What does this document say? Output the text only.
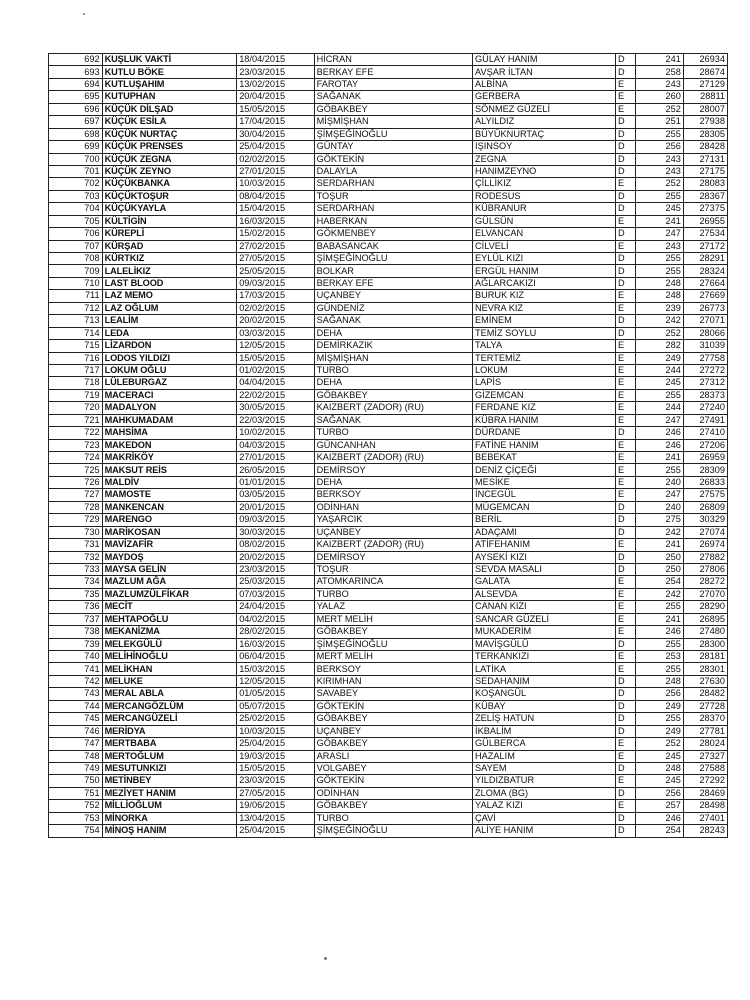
692	KUŞLUK VAKTİ	18/04/2015	HİCRAN	GÜLAY HANIM	D	241	26934
693	KUTLU BÖKE	23/03/2015	BERKAY EFE	AVŞAR İLTAN	D	258	28674
694	KUTLUŞAHIM	13/02/2015	FAROTAY	ALBİNA	E	243	27129
695	KUTUPHAN	20/04/2015	SAĞANAK	GERBERA	E	260	28811
696	KÜÇÜK DİLŞAD	15/05/2015	GÖBAKBEY	SÖNMEZ GÜZELİ	E	252	28007
697	KÜÇÜK ESİLA	17/04/2015	MİŞMİŞHAN	ALYILDIZ	D	251	27938
698	KÜÇÜK NURTAÇ	30/04/2015	ŞİMŞEĞİNOĞLU	BÜYÜKNURTAÇ	D	255	28305
699	KÜÇÜK PRENSES	25/04/2015	GÜNTAY	IŞINSOY	D	256	28428
700	KÜÇÜK ZEGNA	02/02/2015	GÖKTEKİN	ZEGNA	D	243	27131
701	KÜÇÜK ZEYNO	27/01/2015	DALAYLA	HANIMZEYNO	D	243	27175
702	KÜÇÜKBANKA	10/03/2015	SERDARHAN	ÇİLLİKIZ	E	252	28083
703	KÜÇÜKTOŞUR	08/04/2015	TOŞUR	RODESUS	D	255	28367
704	KÜÇÜKYAYLA	15/04/2015	SERDARHAN	KÜBRANUR	D	245	27375
705	KÜLTİGİN	16/03/2015	HABERKAN	GÜLSÜN	E	241	26955
706	KÜREPLİ	15/02/2015	GÖKMENBEY	ELVANCAN	D	247	27534
707	KÜRŞAD	27/02/2015	BABASANCAK	CİLVELİ	E	243	27172
708	KÜRTKIZ	27/05/2015	ŞİMŞEĞİNOĞLU	EYLÜL KIZI	D	255	28291
709	LALELİKIZ	25/05/2015	BOLKAR	ERGÜL HANIM	D	255	28324
710	LAST BLOOD	09/03/2015	BERKAY EFE	AĞLARCAKIZI	D	248	27664
711	LAZ MEMO	17/03/2015	UÇANBEY	BURUK KIZ	E	248	27669
712	LAZ OĞLUM	02/02/2015	GÜNDENİZ	NEVRA KIZ	E	239	26773
713	LEALİM	20/02/2015	SAĞANAK	EMİNEM	D	242	27071
714	LEDA	03/03/2015	DEHA	TEMİZ SOYLU	D	252	28066
715	LİZARDON	12/05/2015	DEMİRKAZIK	TALYA	E	282	31039
716	LODOS YILDIZI	15/05/2015	MİŞMİŞHAN	TERTEMİZ	E	249	27758
717	LOKUM OĞLU	01/02/2015	TURBO	LOKUM	E	244	27272
718	LÜLEBURGAZ	04/04/2015	DEHA	LAPİS	E	245	27312
719	MACERACI	22/02/2015	GÖBAKBEY	GİZEMCAN	E	255	28373
720	MADALYON	30/05/2015	KAIZBERT (ZADOR) (RU)	FERDANE KIZ	E	244	27240
721	MAHKUMADAM	22/03/2015	SAĞANAK	KÜBRA HANIM	E	247	27491
722	MAHSİMA	10/02/2015	TURBO	DÜRDANE	D	246	27410
723	MAKEDON	04/03/2015	GÜNCANHAN	FATİNE HANIM	E	246	27206
724	MAKRİKÖY	27/01/2015	KAIZBERT (ZADOR) (RU)	BEBEKAT	E	241	26959
725	MAKSUT REİS	26/05/2015	DEMİRSOY	DENİZ ÇİÇEĞİ	E	255	28309
726	MALDİV	01/01/2015	DEHA	MESİKE	E	240	26833
727	MAMOSTE	03/05/2015	BERKSOY	İNCEGÜL	E	247	27575
728	MANKENCAN	20/01/2015	ODİNHAN	MÜGEMCAN	D	240	26809
729	MARENGO	09/03/2015	YAŞARCIK	BERİL	D	275	30329
730	MARİKOSAN	30/03/2015	UÇANBEY	ADAÇAMI	D	242	27074
731	MAVİZAFİR	08/02/2015	KAIZBERT (ZADOR) (RU)	ATİFEHANIM	E	241	26974
732	MAYDOŞ	20/02/2015	DEMİRSOY	AYSEKİ KIZI	D	250	27882
733	MAYSA GELİN	23/03/2015	TOŞUR	SEVDA MASALI	D	250	27806
734	MAZLUM AĞA	25/03/2015	ATOMKARINCA	GALATA	E	254	28272
735	MAZLUMZÜLFİKAR	07/03/2015	TURBO	ALSEVDA	E	242	27070
736	MECİT	24/04/2015	YALAZ	CANAN KIZI	E	255	28290
737	MEHTAPOĞLU	04/02/2015	MERT MELİH	SANCAR GÜZELİ	E	241	26895
738	MEKANİZMA	28/02/2015	GÖBAKBEY	MUKADERİM	E	246	27480
739	MELEKGÜLÜ	16/03/2015	ŞİMŞEĞİNOĞLU	MAVİŞGÜLÜ	D	255	28300
740	MELİHİNOĞLU	06/04/2015	MERT MELİH	TERKANKIZI	E	253	28181
741	MELİKHAN	15/03/2015	BERKSOY	LATİKA	E	255	28301
742	MELUKE	12/05/2015	KIRIMHAN	SEDAHANIM	D	248	27630
743	MERAL ABLA	01/05/2015	SAVABEY	KOŞANGÜL	D	256	28482
744	MERCANGÖZLÜM	05/07/2015	GÖKTEKİN	KÜBAY	D	249	27728
745	MERCANGÜZELİ	25/02/2015	GÖBAKBEY	ZELİŞ HATUN	D	255	28370
746	MERİDYA	10/03/2015	UÇANBEY	İKBALİM	D	249	27781
747	MERTBABA	25/04/2015	GÖBAKBEY	GÜLBERCA	E	252	28024
748	MERTOĞLUM	19/03/2015	ARASLI	HAZALIM	E	245	27327
749	MESUTUNKIZI	15/05/2015	VOLGABEY	SAYEM	D	248	27588
750	METİNBEY	23/03/2015	GÖKTEKİN	YILDIZBATUR	E	245	27292
751	MEZİYET HANIM	27/05/2015	ODİNHAN	ZLOMA (BG)	D	256	28469
752	MİLLİOĞLUM	19/06/2015	GÖBAKBEY	YALAZ KIZI	E	257	28498
753	MİNORKA	13/04/2015	TURBO	ÇAVİ	D	246	27401
754	MİNOŞ HANIM	25/04/2015	ŞİMŞEĞİNOĞLU	ALİYE HANIM	D	254	28243
